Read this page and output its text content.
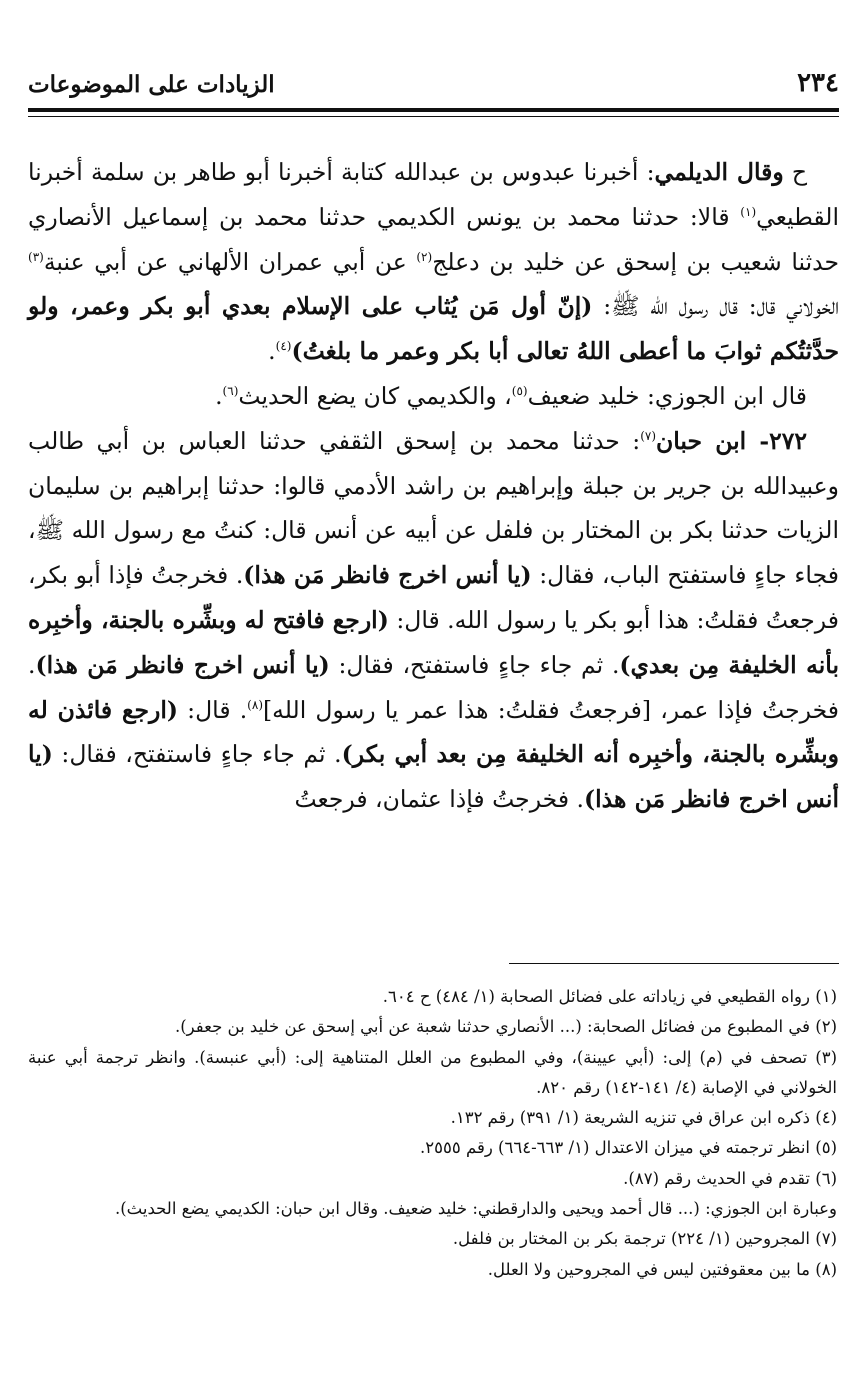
٢٣٤
الزيادات على الموضوعات

ح وقال الديلمي: أخبرنا عبدوس بن عبدالله كتابة أخبرنا أبو طاهر بن سلمة أخبرنا القطيعي$^{(١)}$ قالا: حدثنا محمد بن يونس الكديمي حدثنا محمد بن إسماعيل الأنصاري حدثنا شعيب بن إسحق عن خليد بن دعلج$^{(٢)}$ عن أبي عمران الألهاني عن أبي عنبة$^{(٣)}$ الخولاني قال: قال رسول الله ﷺ: (إنّ أول مَن يُثاب على الإسلام بعدي أبو بكر وعمر، ولو حدَّثتُكم ثوابَ ما أعطى اللهُ تعالى أبا بكر وعمر ما بلغتُ)$^{(٤)}$.

قال ابن الجوزي: خليد ضعيف$^{(٥)}$، والكديمي كان يضع الحديث$^{(٦)}$.

٢٧٢- ابن حبان$^{(٧)}$: حدثنا محمد بن إسحق الثقفي حدثنا العباس بن أبي طالب وعبيدالله بن جرير بن جبلة وإبراهيم بن راشد الأدمي قالوا: حدثنا إبراهيم بن سليمان الزيات حدثنا بكر بن المختار بن فلفل عن أبيه عن أنس قال: كنتُ مع رسول الله ﷺ، فجاء جاءٍ فاستفتح الباب، فقال: (يا أنس اخرج فانظر مَن هذا). فخرجتُ فإذا أبو بكر، فرجعتُ فقلتُ: هذا أبو بكر يا رسول الله. قال: (ارجع فافتح له وبشِّره بالجنة، وأخبِره بأنه الخليفة مِن بعدي). ثم جاء جاءٍ فاستفتح، فقال: (يا أنس اخرج فانظر مَن هذا). فخرجتُ فإذا عمر، [فرجعتُ فقلتُ: هذا عمر يا رسول الله]$^{(٨)}$. قال: (ارجع فائذن له وبشِّره بالجنة، وأخبِره أنه الخليفة مِن بعد أبي بكر). ثم جاء جاءٍ فاستفتح، فقال: (يا أنس اخرج فانظر مَن هذا). فخرجتُ فإذا عثمان، فرجعتُ

(١) رواه القطيعي في زياداته على فضائل الصحابة (١/ ٤٨٤) ح ٦٠٤.

(٢) في المطبوع من فضائل الصحابة: (... الأنصاري حدثنا شعبة عن أبي إسحق عن خليد بن جعفر).

(٣) تصحف في (م) إلى: (أبي عيينة)، وفي المطبوع من العلل المتناهية إلى: (أبي عنبسة). وانظر ترجمة أبي عنبة الخولاني في الإصابة (٤/ ١٤١-١٤٢) رقم ٨٢٠.

(٤) ذكره ابن عراق في تنزيه الشريعة (١/ ٣٩١) رقم ١٣٢.

(٥) انظر ترجمته في ميزان الاعتدال (١/ ٦٦٣-٦٦٤) رقم ٢٥٥٥.

(٦) تقدم في الحديث رقم (٨٧).

وعبارة ابن الجوزي: (... قال أحمد ويحيى والدارقطني: خليد ضعيف. وقال ابن حبان: الكديمي يضع الحديث).

(٧) المجروحين (١/ ٢٢٤) ترجمة بكر بن المختار بن فلفل.

(٨) ما بين معقوفتين ليس في المجروحين ولا العلل.
